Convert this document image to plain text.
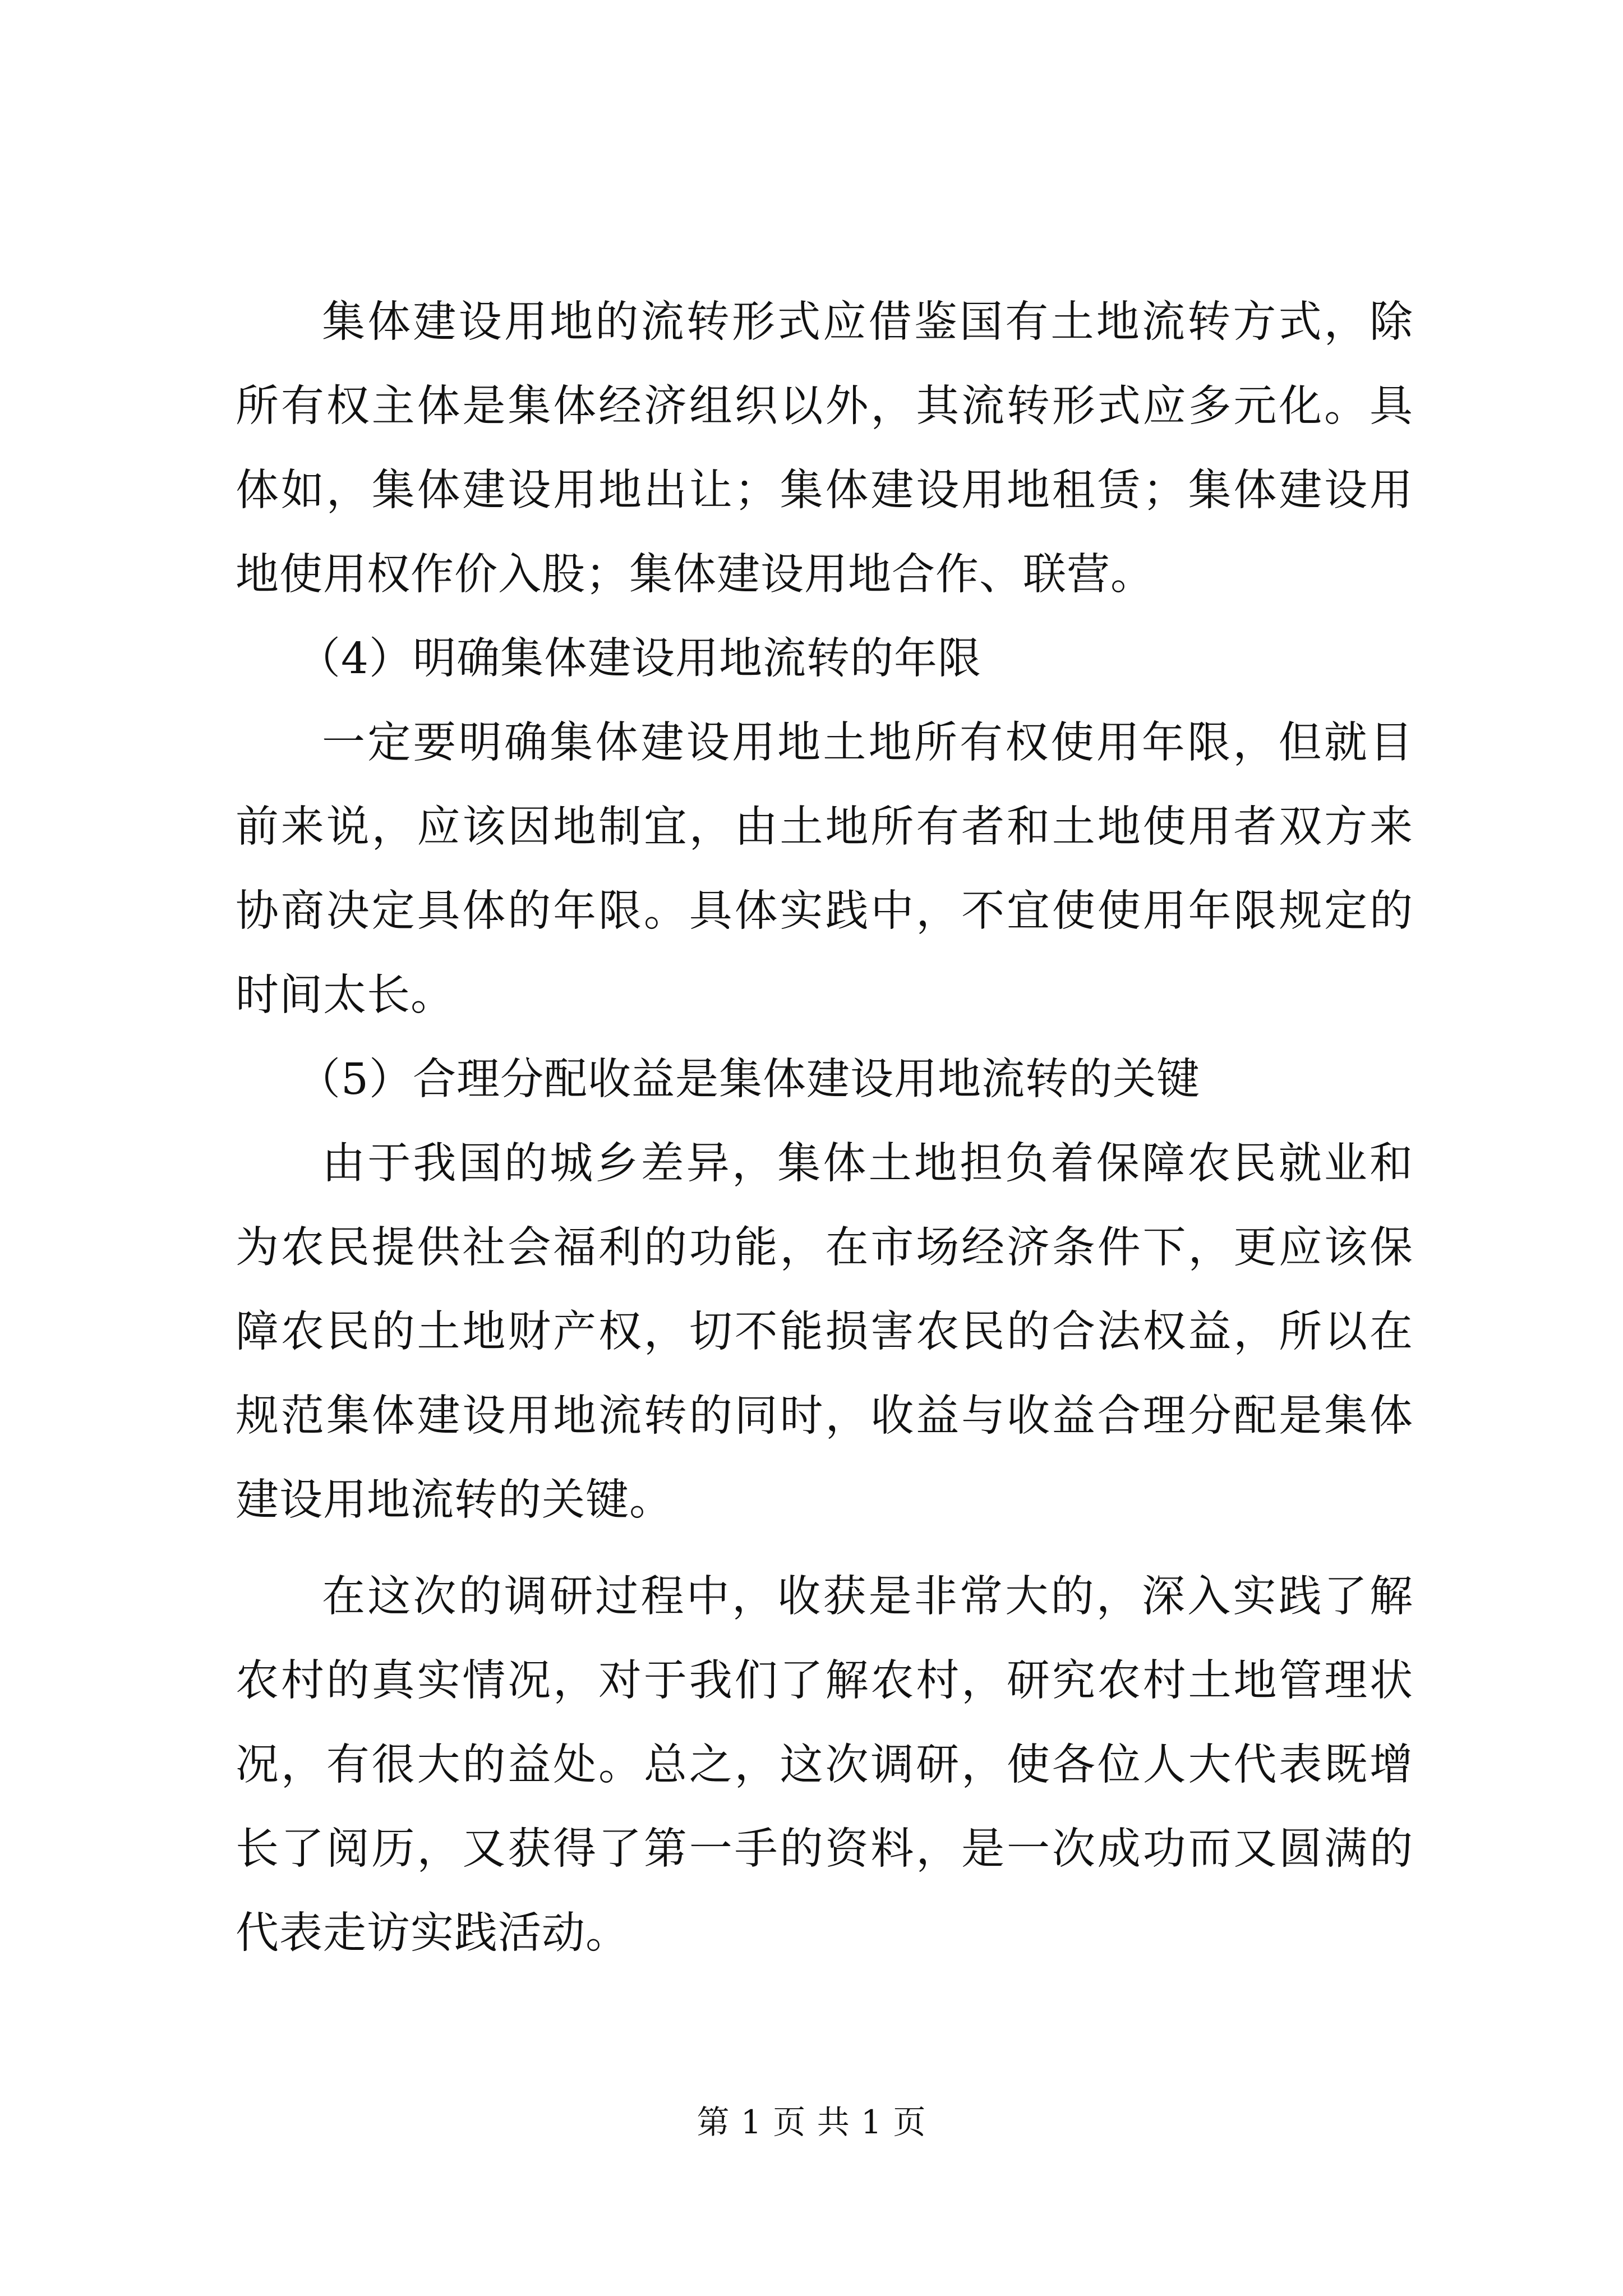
集体建设用地的流转形式应借鉴国有土地流转方式，除所有权主体是集体经济组织以外，其流转形式应多元化。具体如，集体建设用地出让；集体建设用地租赁；集体建设用地使用权作价入股；集体建设用地合作、联营。

（4）明确集体建设用地流转的年限

一定要明确集体建设用地土地所有权使用年限，但就目前来说，应该因地制宜，由土地所有者和土地使用者双方来协商决定具体的年限。具体实践中，不宜使使用年限规定的时间太长。

（5）合理分配收益是集体建设用地流转的关键

由于我国的城乡差异，集体土地担负着保障农民就业和为农民提供社会福利的功能，在市场经济条件下，更应该保障农民的土地财产权，切不能损害农民的合法权益，所以在规范集体建设用地流转的同时，收益与收益合理分配是集体建设用地流转的关键。

在这次的调研过程中，收获是非常大的，深入实践了解农村的真实情况，对于我们了解农村，研究农村土地管理状况，有很大的益处。总之，这次调研，使各位人大代表既增长了阅历，又获得了第一手的资料，是一次成功而又圆满的代表走访实践活动。

第 1 页 共 1 页
